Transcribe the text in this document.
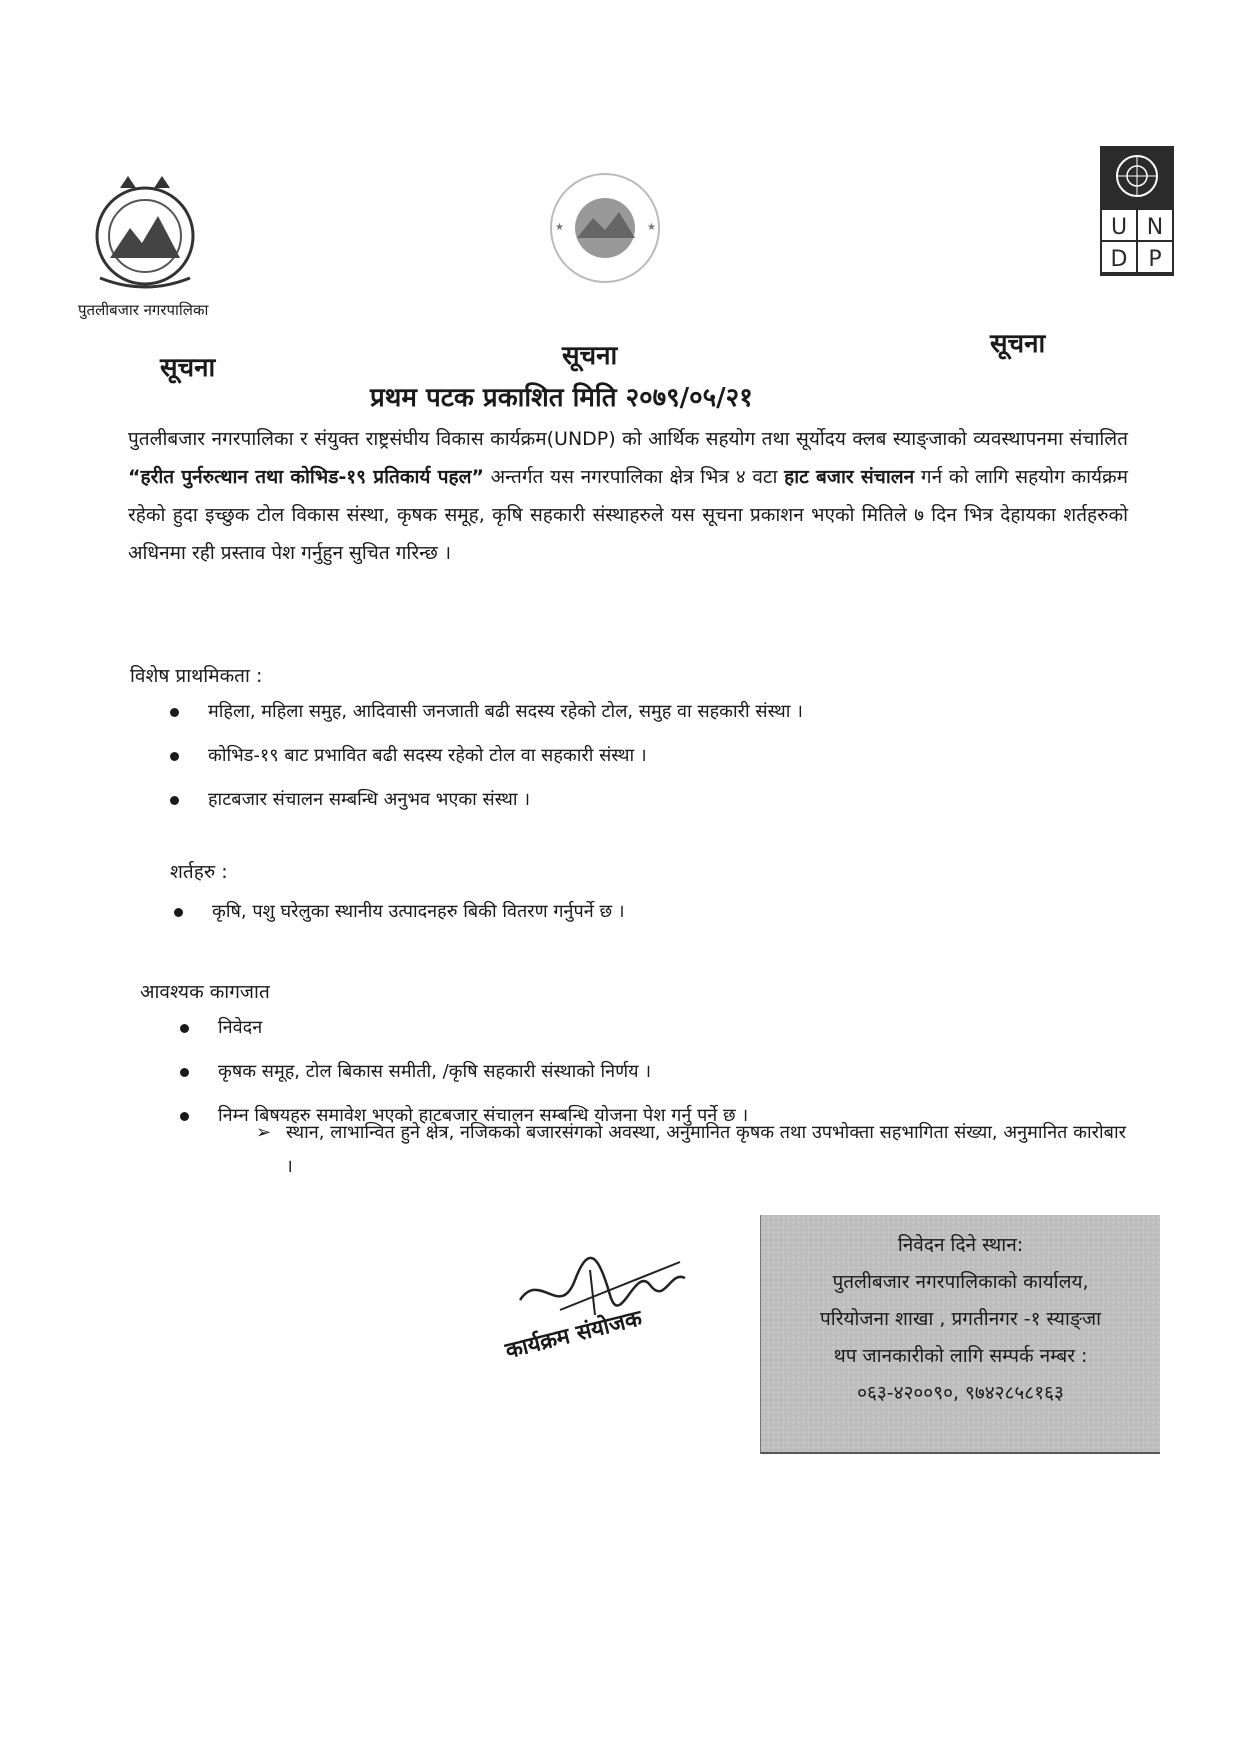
पुतलीबजार नगरपालिका
★	★	U N
D P
सूचना	सूचना	सूचना
प्रथम पटक प्रकाशित मिति २०७९/०५/२१
पुतलीबजार नगरपालिका र संयुक्त राष्ट्रसंघीय विकास कार्यक्रम(UNDP) को आर्थिक सहयोग तथा सूर्योदय क्लब स्याङ्जाको व्यवस्थापनमा संचालित “हरीत पुर्नरुत्थान तथा कोभिड-१९ प्रतिकार्य पहल” अन्तर्गत यस नगरपालिका क्षेत्र भित्र ४ वटा हाट बजार संचालन गर्न को लागि सहयोग कार्यक्रम रहेको हुदा इच्छुक टोल विकास संस्था, कृषक समूह, कृषि सहकारी संस्थाहरुले यस सूचना प्रकाशन भएको मितिले ७ दिन भित्र देहायका शर्तहरुको अधिनमा रही प्रस्ताव पेश गर्नुहुन सुचित गरिन्छ ।
विशेष प्राथमिकता :
महिला, महिला समुह, आदिवासी जनजाती बढी सदस्य रहेको टोल, समुह वा सहकारी संस्था ।
कोभिड-१९ बाट प्रभावित बढी सदस्य रहेको टोल वा सहकारी संस्था ।
हाटबजार संचालन सम्बन्धि अनुभव भएका संस्था ।
शर्तहरु :
कृषि, पशु घरेलुका स्थानीय उत्पादनहरु बिकी वितरण गर्नुपर्ने छ ।
आवश्यक कागजात
निवेदन
कृषक समूह, टोल बिकास समीती, /कृषि सहकारी संस्थाको निर्णय ।
निम्न बिषयहरु समावेश भएको हाटबजार संचालन सम्बन्धि योजना पेश गर्नु पर्ने छ ।
➢ स्थान, लाभान्वित हुने क्षेत्र, नजिकको बजारसंगको अवस्था, अनुमानित कृषक तथा उपभोक्ता सहभागिता संख्या, अनुमानित कारोबार ।
कार्यक्रम संयोजक
निवेदन दिने स्थान:
पुतलीबजार नगरपालिकाको कार्यालय,
परियोजना शाखा , प्रगतीनगर -१ स्याङ्जा
थप जानकारीको लागि सम्पर्क नम्बर :
०६३-४२००९०, ९७४२८५८१६३
